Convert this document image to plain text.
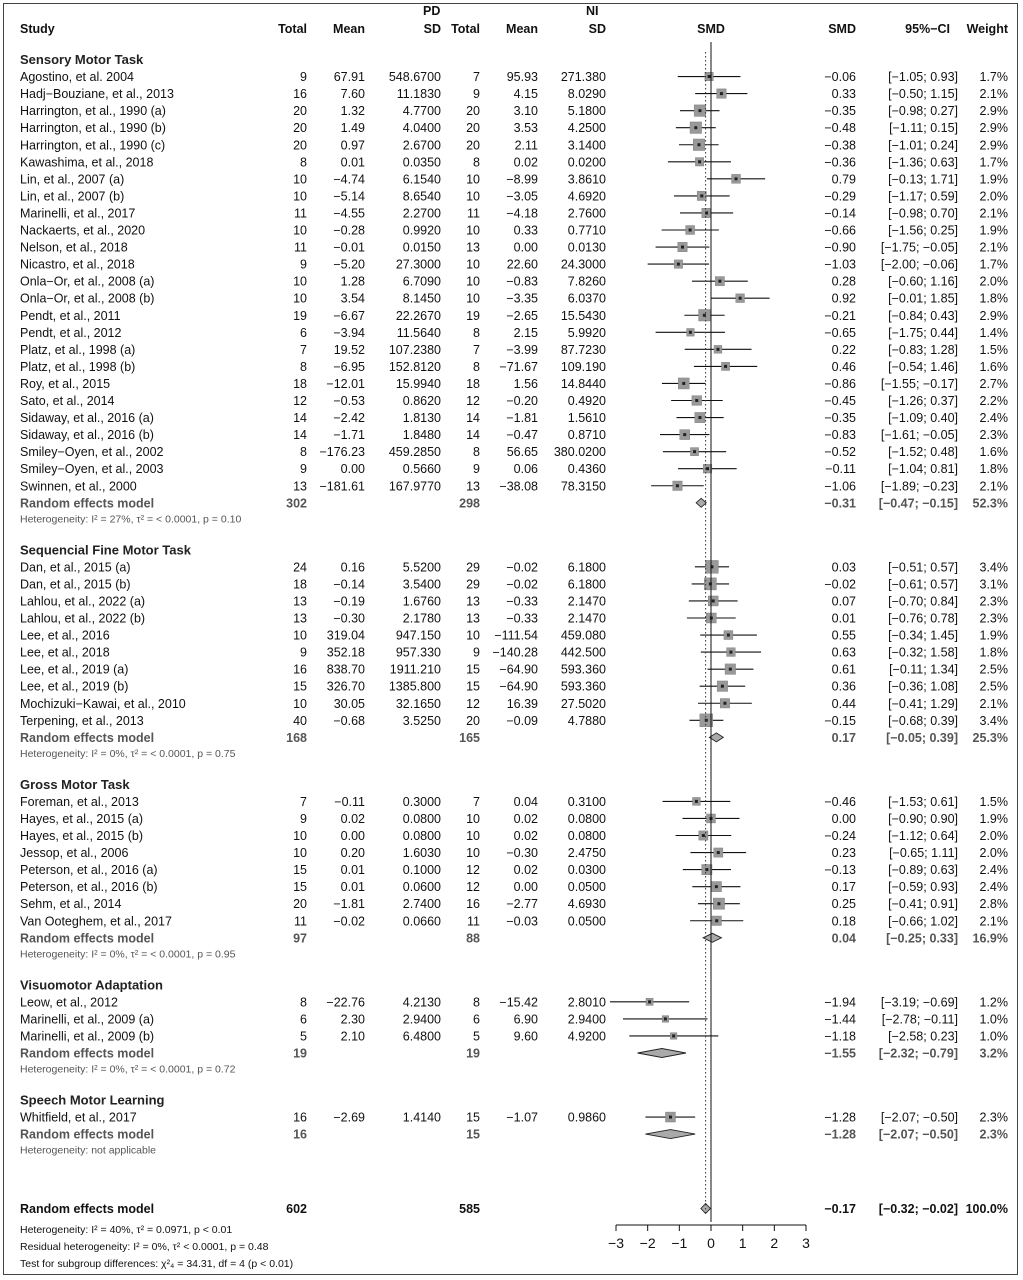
PD	NI
Study	Total Mean	SD Total Mean	SD	SMD	SMD	95%−CI Weight
Sensory Motor Task
Agostino, et al. 2004	9 67.91 548.6700	7 95.93 271.380	−0.06	[−1.05; 0.93] 1.7%
Hadj−Bouziane, et al., 2013	16	7.60	11.1830	9	4.15 8.0290	0.33	[−0.50; 1.15] 2.1%
Harrington, et al., 1990 (a)	20	1.32	4.7700 20	3.10 5.1800	−0.35	[−0.98; 0.27] 2.9%
Harrington, et al., 1990 (b)	20	1.49	4.0400 20	3.53 4.2500	−0.48	[−1.11; 0.15] 2.9%
Harrington, et al., 1990 (c)	20	0.97	2.6700 20	2.11 3.1400	−0.38	[−1.01; 0.24] 2.9%
Kawashima, et al., 2018	8	0.01	0.0350	8	0.02 0.0200	−0.36	[−1.36; 0.63] 1.7%
Lin, et al., 2007 (a)	10 −4.74	6.1540 10 −8.99 3.8610	0.79	[−0.13; 1.71] 1.9%
Lin, et al., 2007 (b)	10 −5.14	8.6540 10 −3.05 4.6920	−0.29	[−1.17; 0.59] 2.0%
Marinelli, et al., 2017	11 −4.55	2.2700 11 −4.18 2.7600	−0.14	[−0.98; 0.70] 2.1%
Nackaerts, et al., 2020	10 −0.28	0.9920 10	0.33 0.7710	−0.66	[−1.56; 0.25] 1.9%
Nelson, et al., 2018	11 −0.01	0.0150 13	0.00 0.0130	−0.90 [−1.75; −0.05] 2.1%
Nicastro, et al., 2018	9 −5.20 27.3000 10 22.60 24.3000	−1.03 [−2.00; −0.06] 1.7%
Onla−Or, et al., 2008 (a)	10	1.28	6.7090 10 −0.83 7.8260	0.28	[−0.60; 1.16] 2.0%
Onla−Or, et al., 2008 (b)	10	3.54	8.1450 10 −3.35 6.0370	0.92	[−0.01; 1.85] 1.8%
Pendt, et al., 2011	19 −6.67 22.2670 19 −2.65 15.5430	−0.21	[−0.84; 0.43] 2.9%
Pendt, et al., 2012	6 −3.94	11.5640	8	2.15 5.9920	−0.65	[−1.75; 0.44] 1.4%
Platz, et al., 1998 (a)	7 19.52 107.2380	7 −3.99 87.7230	0.22	[−0.83; 1.28] 1.5%
Platz, et al., 1998 (b)	8 −6.95 152.8120	8 −71.67 109.190	0.46	[−0.54; 1.46] 1.6%
Roy, et al., 2015	18 −12.01 15.9940 18	1.56 14.8440	−0.86 [−1.55; −0.17] 2.7%
Sato, et al., 2014	12 −0.53	0.8620 12 −0.20 0.4920	−0.45	[−1.26; 0.37] 2.2%
Sidaway, et al., 2016 (a)	14 −2.42	1.8130 14 −1.81 1.5610	−0.35	[−1.09; 0.40] 2.4%
Sidaway, et al., 2016 (b)	14 −1.71	1.8480 14 −0.47 0.8710	−0.83 [−1.61; −0.05] 2.3%
Smiley−Oyen, et al., 2002	8 −176.23 459.2850	8 56.65 380.0200	−0.52	[−1.52; 0.48] 1.6%
Smiley−Oyen, et al., 2003	9	0.00	0.5660	9	0.06 0.4360	−0.11	[−1.04; 0.81] 1.8%
Swinnen, et al., 2000	13 −181.61 167.9770 13 −38.08 78.3150	−1.06 [−1.89; −0.23] 2.1%
Random effects model	302	298	−0.31 [−0.47; −0.15] 52.3%
Heterogeneity: I² = 27%, τ² = < 0.0001, p = 0.10
Sequencial Fine Motor Task
Dan, et al., 2015 (a)	24	0.16	5.5200 29 −0.02 6.1800	0.03	[−0.51; 0.57] 3.4%
Dan, et al., 2015 (b)	18 −0.14	3.5400 29 −0.02 6.1800	−0.02	[−0.61; 0.57] 3.1%
Lahlou, et al., 2022 (a)	13 −0.19	1.6760 13 −0.33 2.1470	0.07	[−0.70; 0.84] 2.3%
Lahlou, et al., 2022 (b)	13 −0.30	2.1780 13 −0.33 2.1470	0.01	[−0.76; 0.78] 2.3%
Lee, et al., 2016	10 319.04 947.150 10 −111.54 459.080	0.55	[−0.34; 1.45] 1.9%
Lee, et al., 2018	9 352.18 957.330	9 −140.28 442.500	0.63	[−0.32; 1.58] 1.8%
Lee, et al., 2019 (a)	16 838.70 1911.210 15 −64.90 593.360	0.61	[−0.11; 1.34] 2.5%
Lee, et al., 2019 (b)	15 326.70 1385.800 15 −64.90 593.360	0.36	[−0.36; 1.08] 2.5%
Mochizuki−Kawai, et al., 2010	10 30.05 32.1650 12 16.39 27.5020	0.44	[−0.41; 1.29] 2.1%
Terpening, et al., 2013	40 −0.68	3.5250 20 −0.09 4.7880	−0.15	[−0.68; 0.39] 3.4%
Random effects model	168	165	0.17 [−0.05; 0.39] 25.3%
Heterogeneity: I² = 0%, τ² = < 0.0001, p = 0.75
Gross Motor Task
Foreman, et al., 2013	7 −0.11	0.3000	7	0.04 0.3100	−0.46	[−1.53; 0.61] 1.5%
Hayes, et al., 2015 (a)	9	0.02	0.0800 10	0.02 0.0800	0.00	[−0.90; 0.90] 1.9%
Hayes, et al., 2015 (b)	10	0.00	0.0800 10	0.02 0.0800	−0.24	[−1.12; 0.64] 2.0%
Jessop, et al., 2006	10	0.20	1.6030 10 −0.30 2.4750	0.23	[−0.65; 1.11] 2.0%
Peterson, et al., 2016 (a)	15	0.01	0.1000 12	0.02 0.0300	−0.13	[−0.89; 0.63] 2.4%
Peterson, et al., 2016 (b)	15	0.01	0.0600 12	0.00 0.0500	0.17	[−0.59; 0.93] 2.4%
Sehm, et al., 2014	20 −1.81	2.7400 16 −2.77 4.6930	0.25	[−0.41; 0.91] 2.8%
Van Ooteghem, et al., 2017	11 −0.02	0.0660 11 −0.03 0.0500	0.18	[−0.66; 1.02] 2.1%
Random effects model	97	88	0.04 [−0.25; 0.33] 16.9%
Heterogeneity: I² = 0%, τ² = < 0.0001, p = 0.95
Visuomotor Adaptation
Leow, et al., 2012	8 −22.76	4.2130	8 −15.42 2.8010	−1.94 [−3.19; −0.69] 1.2%
Marinelli, et al., 2009 (a)	6	2.30	2.9400	6	6.90 2.9400	−1.44 [−2.78; −0.11] 1.0%
Marinelli, et al., 2009 (b)	5	2.10	6.4800	5	9.60 4.9200	−1.18	[−2.58; 0.23] 1.0%
Random effects model	19	19	−1.55 [−2.32; −0.79] 3.2%
Heterogeneity: I² = 0%, τ² = < 0.0001, p = 0.72
Speech Motor Learning
Whitfield, et al., 2017	16 −2.69	1.4140 15 −1.07 0.9860	−1.28 [−2.07; −0.50] 2.3%
Random effects model	16	15	−1.28 [−2.07; −0.50] 2.3%
Heterogeneity: not applicable
Random effects model	602	585	−0.17 [−0.32; −0.02] 100.0%
Heterogeneity: I² = 40%, τ² = 0.0971, p < 0.01
Residual heterogeneity: I² = 0%, τ² < 0.0001, p = 0.48
Test for subgroup differences: χ²₄ = 34.31, df = 4 (p < 0.01)
−3 −2 −1 0 1 2 3
